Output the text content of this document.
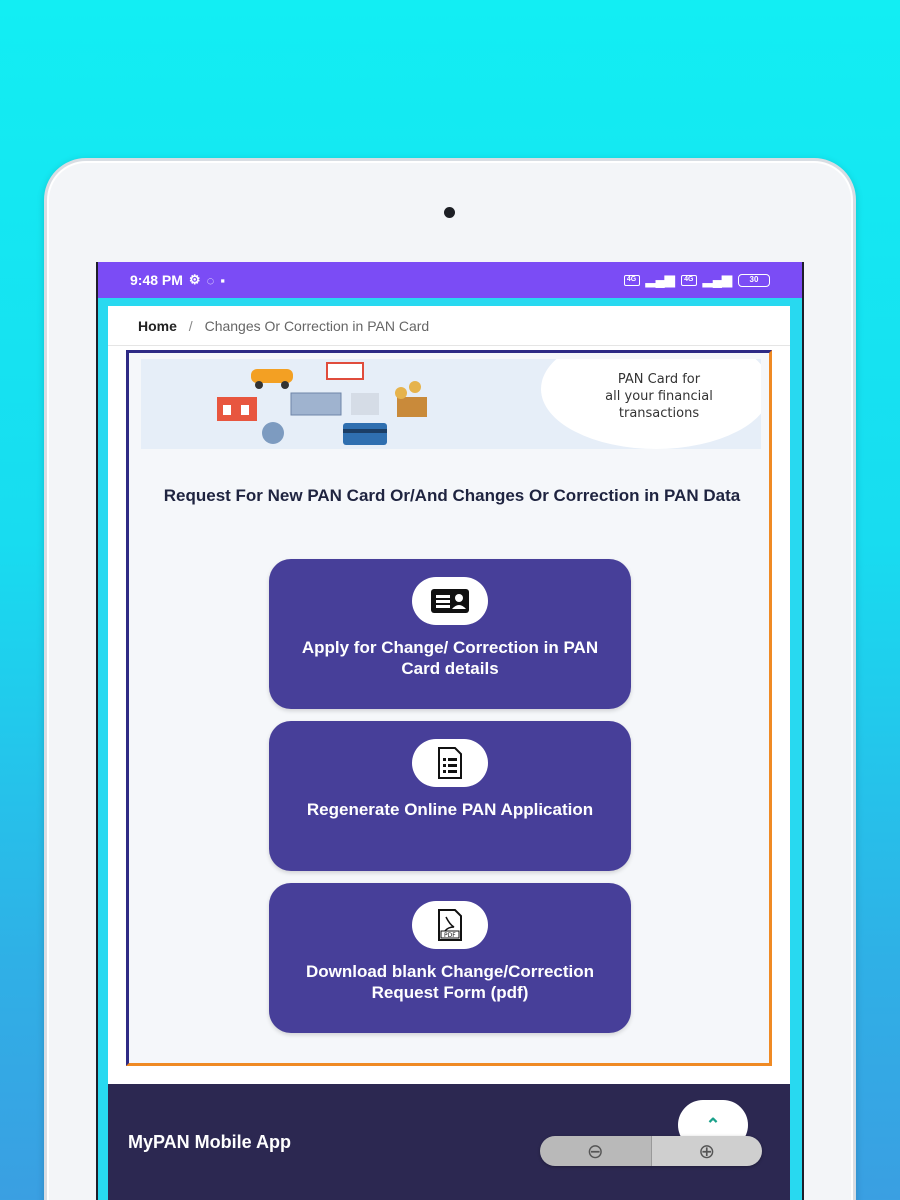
9:48 PM ⚙ ◌ ▪	4G ▂▄▆	4G ▂▄▆	30
Home / Changes Or Correction in PAN Card
PAN Card for
all your financial
transactions
Request For New PAN Card Or/And Changes Or Correction in PAN Data
Apply for Change/ Correction in PAN Card details
Regenerate Online PAN Application
PDF
Download blank Change/Correction Request Form (pdf)
MyPAN Mobile App
⌃
⊖	⊕
